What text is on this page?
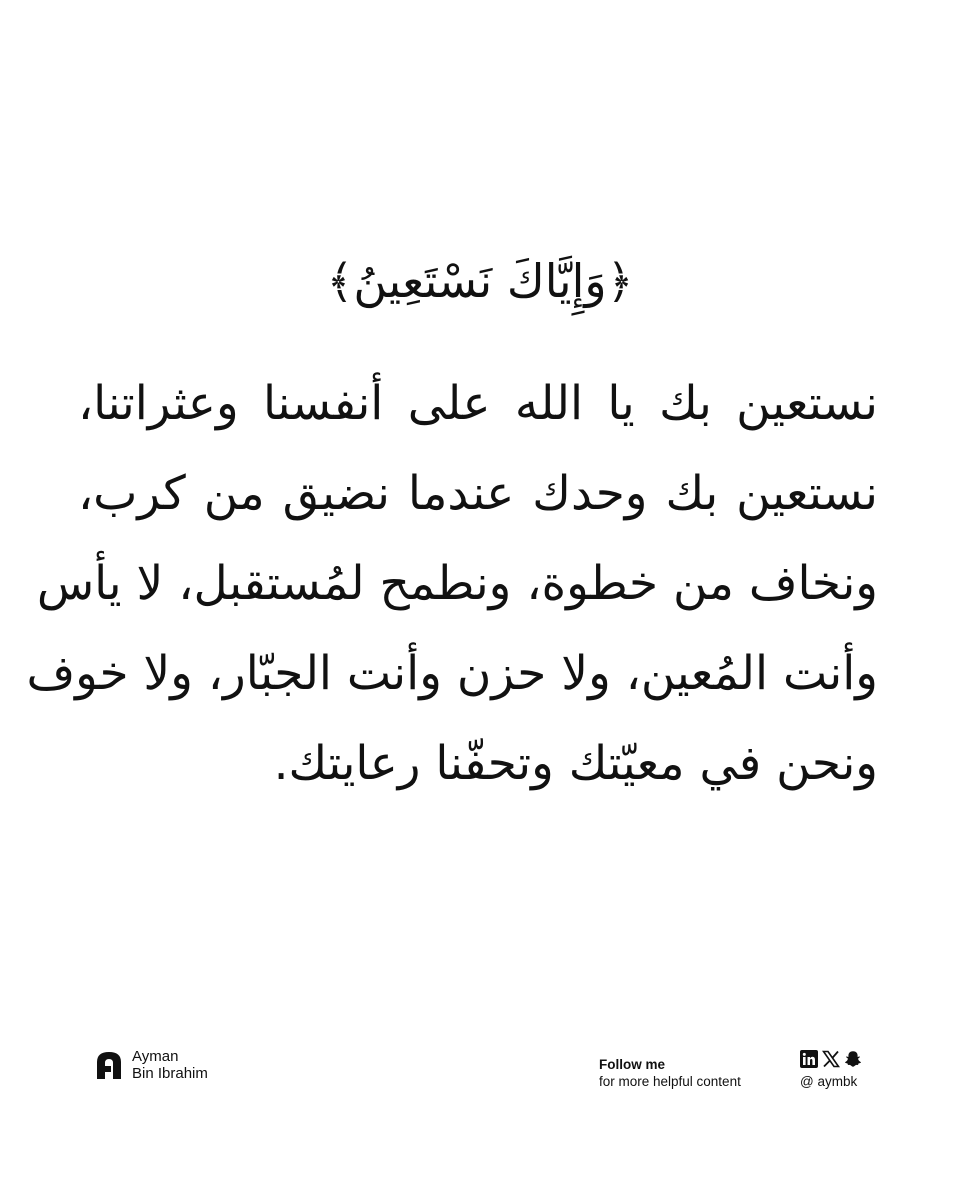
﴿وَإِيَّاكَ نَسْتَعِينُ﴾
نستعين بك يا الله على أنفسنا وعثراتنا،
نستعين بك وحدك عندما نضيق من كرب،
ونخاف من خطوة، ونطمح لمُستقبل، لا يأس
وأنت المُعين، ولا حزن وأنت الجبّار، ولا خوف
ونحن في معيّتك وتحفّنا رعايتك.
Ayman
Bin Ibrahim
Follow me
for more helpful content	@ aymbk
